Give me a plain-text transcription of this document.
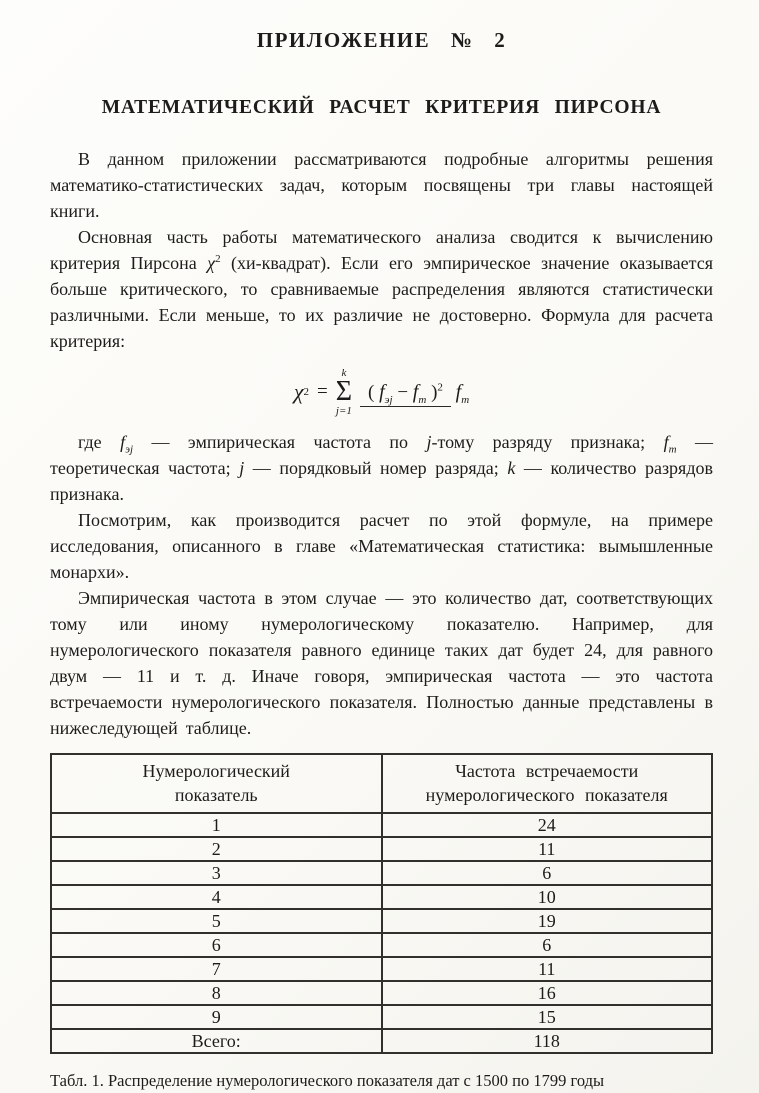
ПРИЛОЖЕНИЕ № 2
МАТЕМАТИЧЕСКИЙ РАСЧЕТ КРИТЕРИЯ ПИРСОНА

В данном приложении рассматриваются подробные алгоритмы решения математико-статистических задач, которым посвящены три главы настоящей книги.

Основная часть работы математического анализа сводится к вычислению критерия Пирсона $\chi^2$ (хи-квадрат). Если его эмпирическое значение оказывается больше критического, то сравниваемые распределения являются статистически различными. Если меньше, то их различие не достоверно. Формула для расчета критерия:

χ 2 =
k
Σ
j=1
( $f_{эj} - f_т$ )$^2$ $f_т$

где $f_{эj}$ — эмпирическая частота по j-тому разряду признака; $f_т$ — теоретическая частота; j — порядковый номер разряда; k — количество разрядов признака.

Посмотрим, как производится расчет по этой формуле, на примере исследования, описанного в главе «Математическая статистика: вымышленные монархи».

Эмпирическая частота в этом случае — это количество дат, соответствующих тому или иному нумерологическому показателю. Например, для нумерологического показателя равного единице таких дат будет 24, для равного двум — 11 и т. д. Иначе говоря, эмпирическая частота — это частота встречаемости нумерологического показателя. Полностью данные представлены в нижеследующей таблице.

Нумерологический
показатель

Частота встречаемости
нумерологического показателя

1	24
2	11
3	6
4	10
5	19
6	6
7	11
8	16
9	15
Всего:	118
Табл. 1. Распределение нумерологического показателя дат с 1500 по 1799 годы
